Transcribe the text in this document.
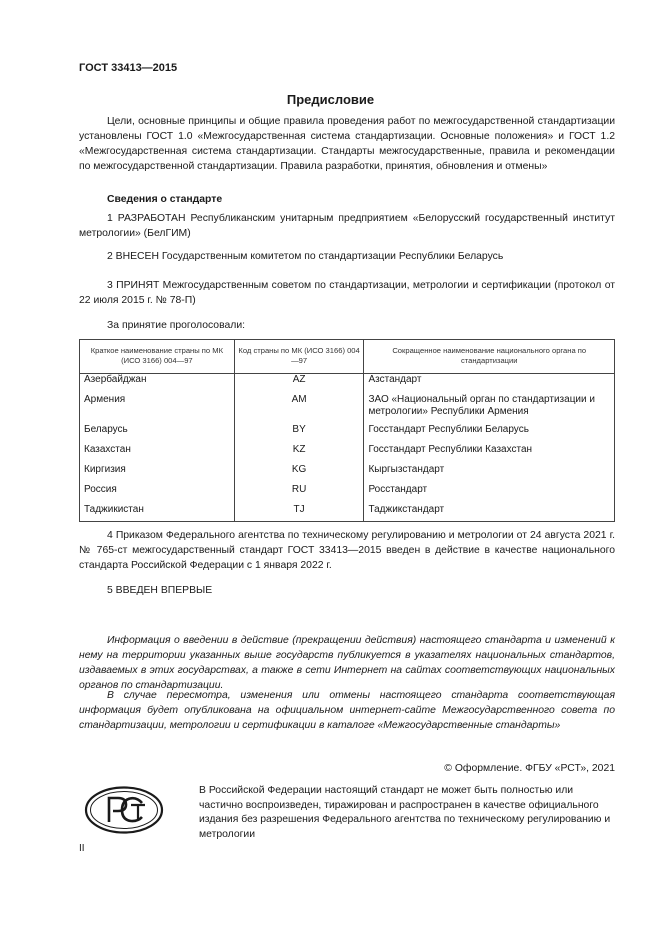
ГОСТ 33413—2015
Предисловие
Цели, основные принципы и общие правила проведения работ по межгосударственной стандартизации установлены ГОСТ 1.0 «Межгосударственная система стандартизации. Основные положения» и ГОСТ 1.2 «Межгосударственная система стандартизации. Стандарты межгосударственные, правила и рекомендации по межгосударственной стандартизации. Правила разработки, принятия, обновления и отмены»
Сведения о стандарте
1 РАЗРАБОТАН Республиканским унитарным предприятием «Белорусский государственный институт метрологии» (БелГИМ)
2 ВНЕСЕН Государственным комитетом по стандартизации Республики Беларусь
3 ПРИНЯТ Межгосударственным советом по стандартизации, метрологии и сертификации (протокол от 22 июля 2015 г. № 78-П)
За принятие проголосовали:
Краткое наименование страны по МК (ИСО 3166) 004—97	Код страны по МК (ИСО 3166) 004—97	Сокращенное наименование национального органа по стандартизации
Азербайджан	AZ	Азстандарт
Армения	AM	ЗАО «Национальный орган по стандартизации и метрологии» Республики Армения
Беларусь	BY	Госстандарт Республики Беларусь
Казахстан	KZ	Госстандарт Республики Казахстан
Киргизия	KG	Кыргызстандарт
Россия	RU	Росстандарт
Таджикистан	TJ	Таджикстандарт
4 Приказом Федерального агентства по техническому регулированию и метрологии от 24 августа 2021 г. № 765-ст межгосударственный стандарт ГОСТ 33413—2015 введен в действие в качестве национального стандарта Российской Федерации с 1 января 2022 г.
5 ВВЕДЕН ВПЕРВЫЕ
Информация о введении в действие (прекращении действия) настоящего стандарта и изменений к нему на территории указанных выше государств публикуется в указателях национальных стандартов, издаваемых в этих государствах, а также в сети Интернет на сайтах соответствующих национальных органов по стандартизации.
В случае пересмотра, изменения или отмены настоящего стандарта соответствующая информация будет опубликована на официальном интернет-сайте Межгосударственного совета по стандартизации, метрологии и сертификации в каталоге «Межгосударственные стандарты»
© Оформление. ФГБУ «РСТ», 2021
В Российской Федерации настоящий стандарт не может быть полностью или частично воспроизведен, тиражирован и распространен в качестве официального издания без разрешения Федерального агентства по техническому регулированию и метрологии
II
